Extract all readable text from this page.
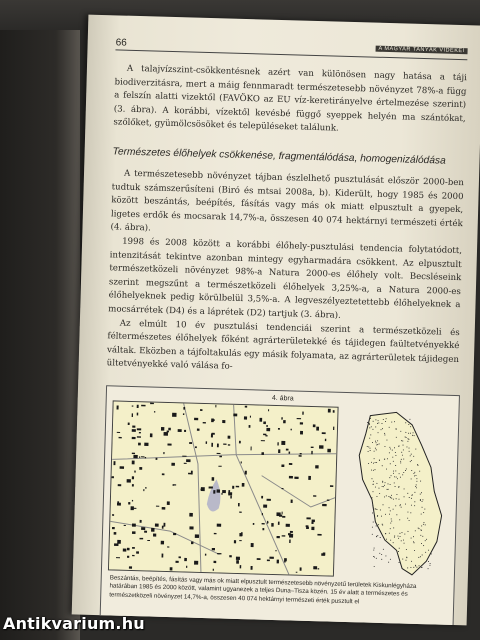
66
A MAGYAR TANYÁK VIDÉKEI

A talajvízszint-csökkentésnek azért van különösen nagy hatása a táji biodiverzitásra, mert a máig fennmaradt természetesebb növényzet 78%-a függ a felszín alatti vizektől (FAVÖKO az EU víz-keretirányelve értelmezése szerint) (3. ábra). A korábbi, vízektől kevésbé függő syeppek helyén ma szántókat, szőlőket, gyümölcsösöket és településeket találunk.

Természetes élőhelyek csökkenése, fragmentálódása, homogenizálódása

A természetesebb növényzet tájban észlelhető pusztulását először 2000-ben tudtuk számszerűsíteni (Biró és mtsai 2008a, b). Kiderült, hogy 1985 és 2000 között beszántás, beépítés, fásítás vagy más ok miatt elpusztult a gyepek, ligetes erdők és mocsarak 14,7%-a, összesen 40 074 hektárnyi természeti érték (4. ábra).

1998 és 2008 között a korábbi élőhely-pusztulási tendencia folytatódott, intenzitását tekintve azonban mintegy egyharmadára csökkent. Az elpusztult természetközeli növényzet 98%-a Natura 2000-es élőhely volt. Becsléseink szerint megszűnt a természetközeli élőhelyek 3,25%-a, a Natura 2000-es élőhelyeknek pedig körülbelül 3,5%-a. A legveszélyeztetettebb élőhelyeknek a mocsárrétek (D4) és a láprétek (D2) tartjuk (3. ábra).

Az elmúlt 10 év pusztulási tendenciái szerint a természetközeli és féltermészetes élőhelyek főként agrárterületekké és tájidegen faültetvényekké váltak. Eközben a tájfoltakulás egy másik folyamata, az agrárterületek tájidegen ültetvényekké való válása fo-

4. ábra
Beszántás, beépítés, fásítás vagy más ok miatt elpusztult természetesebb növényzetű területek Kiskunlégyháza határában 1985 és 2000 között, valamint ugyanezek a teljes Duna–Tisza közén. 15 év alatt a természetes és természetközeli növényzet 14,7%-a, összesen 40 074 hektárnyi természeti érték pusztult el
Antikvarium.hu
